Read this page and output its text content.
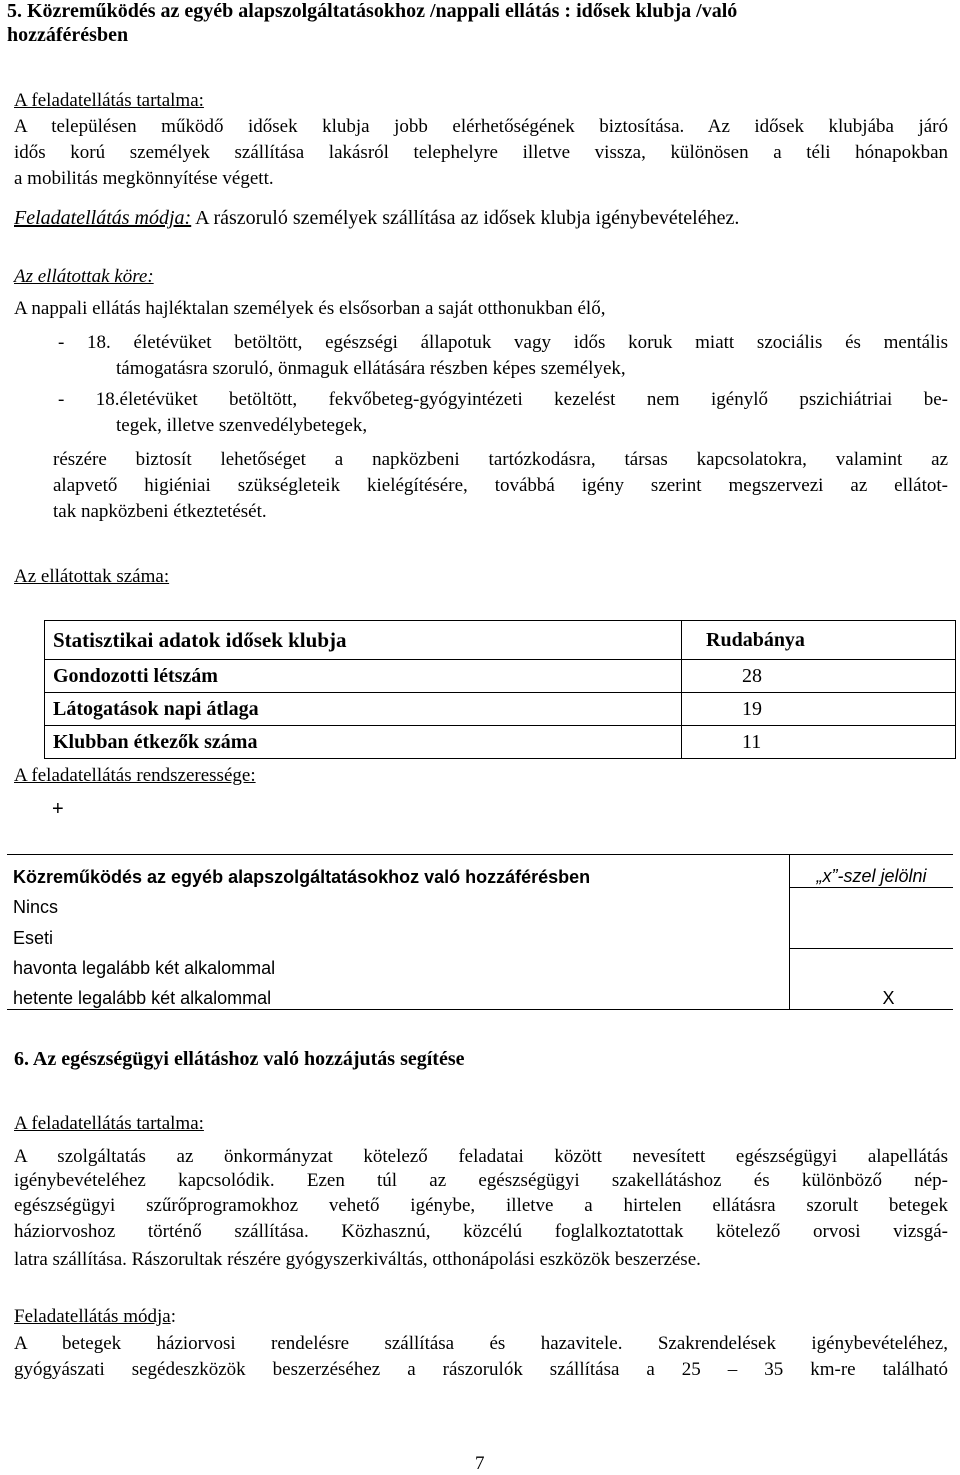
5. Közreműködés az egyéb alapszolgáltatásokhoz /nappali ellátás : idősek klubja /való
hozzáférésben
A feladatellátás tartalma:
A településen működő idősek klubja jobb elérhetőségének biztosítása. Az idősek klubjába járó
idős korú személyek szállítása lakásról telephelyre illetve vissza, különösen a téli hónapokban
a mobilitás megkönnyítése végett.
Feladatellátás módja: A rászoruló személyek szállítása az idősek klubja igénybevételéhez.
Az ellátottak köre:
A nappali ellátás hajléktalan személyek és elsősorban a saját otthonukban élő,
- 18. életévüket betöltött, egészségi állapotuk vagy idős koruk miatt szociális és mentális
támogatásra szoruló, önmaguk ellátására részben képes személyek,
- 18.életévüket betöltött, fekvőbeteg-gyógyintézeti kezelést nem igénylő pszichiátriai be-
tegek, illetve szenvedélybetegek,
részére biztosít lehetőséget a napközbeni tartózkodásra, társas kapcsolatokra, valamint az
alapvető higiéniai szükségleteik kielégítésére, továbbá igény szerint megszervezi az ellátot-
tak napközbeni étkeztetését.
Az ellátottak száma:
Statisztikai adatok idősek klubja	Rudabánya
Gondozotti létszám	28
Látogatások napi átlaga	19
Klubban étkezők száma	11
A feladatellátás rendszeressége:
+
Közreműködés az egyéb alapszolgáltatásokhoz való hozzáférésben	„x”-szel jelölni
Nincs	
Eseti	
havonta legalább két alkalommal	
hetente legalább két alkalommal	X
6. Az egészségügyi ellátáshoz való hozzájutás segítése
A feladatellátás tartalma:
A szolgáltatás az önkormányzat kötelező feladatai között nevesített egészségügyi alapellátás
igénybevételéhez kapcsolódik. Ezen túl az egészségügyi szakellátáshoz és különböző nép-
egészségügyi szűrőprogramokhoz vehető igénybe, illetve a hirtelen ellátásra szorult betegek
háziorvoshoz történő szállítása. Közhasznú, közcélú foglalkoztatottak kötelező orvosi vizsgá-
latra szállítása. Rászorultak részére gyógyszerkiváltás, otthonápolási eszközök beszerzése.
Feladatellátás módja:
A betegek háziorvosi rendelésre szállítása és hazavitele. Szakrendelések igénybevételéhez,
gyógyászati segédeszközök beszerzéséhez a rászorulók szállítása a 25 – 35 km-re található
7
